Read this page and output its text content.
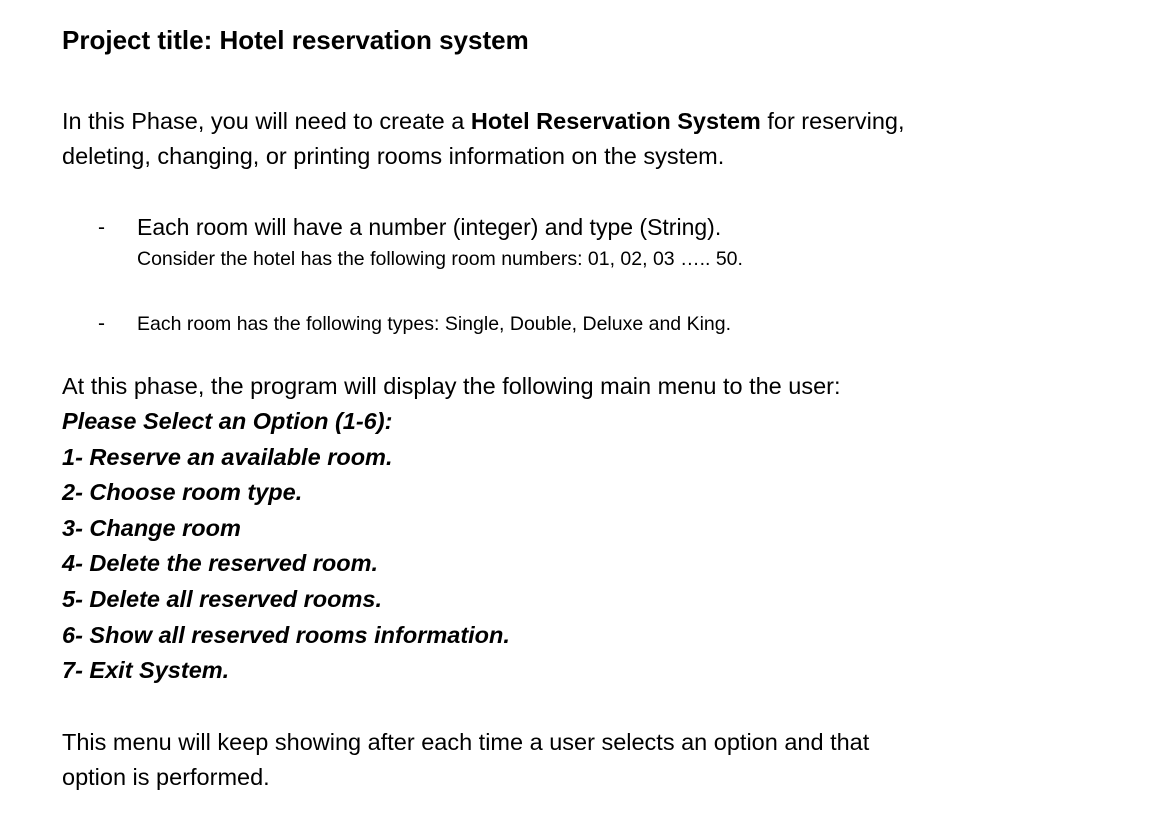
Project title: Hotel reservation system
In this Phase, you will need to create a Hotel Reservation System for reserving,
deleting, changing, or printing rooms information on the system.
- Each room will have a number (integer) and type (String).
Consider the hotel has the following room numbers: 01, 02, 03 ….. 50.
- Each room has the following types: Single, Double, Deluxe and King.
At this phase, the program will display the following main menu to the user:
Please Select an Option (1-6):
1- Reserve an available room.
2- Choose room type.
3- Change room
4- Delete the reserved room.
5- Delete all reserved rooms.
6- Show all reserved rooms information.
7- Exit System.
This menu will keep showing after each time a user selects an option and that
option is performed.
